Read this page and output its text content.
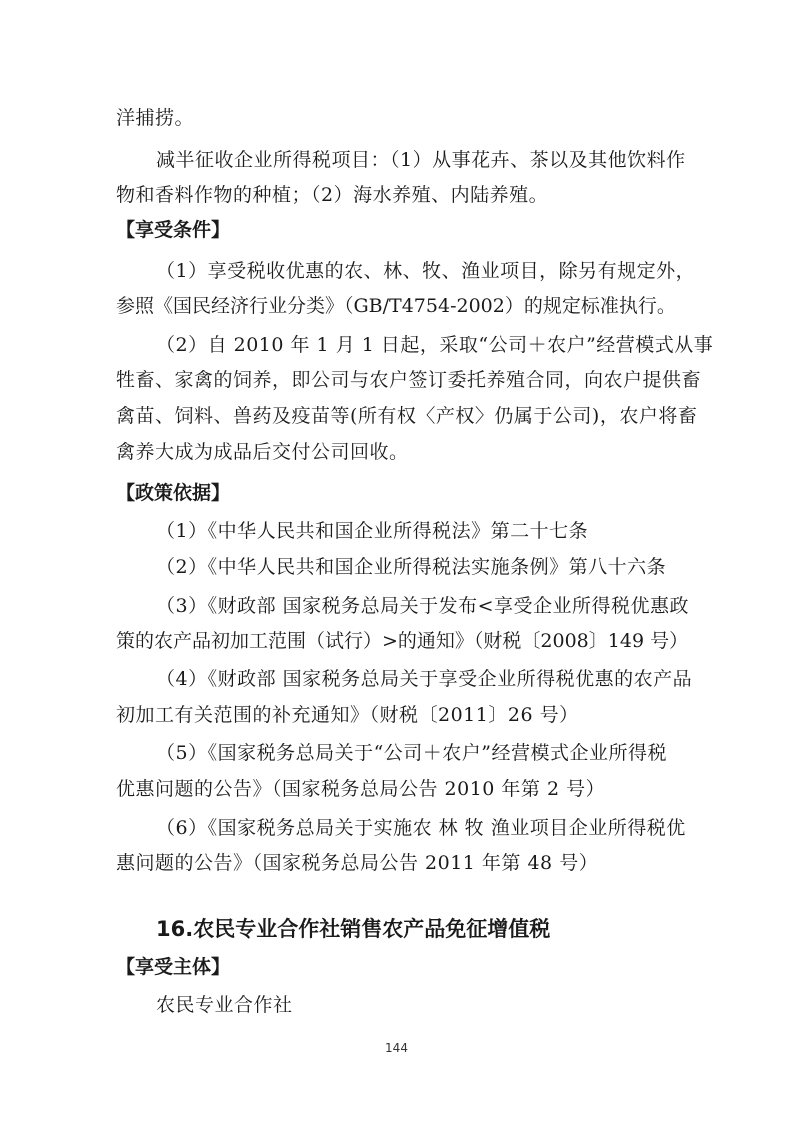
洋捕捞。
减半征收企业所得税项目：（1）从事花卉、茶以及其他饮料作
物和香料作物的种植；（2）海水养殖、内陆养殖。
【享受条件】
（1）享受税收优惠的农、林、牧、渔业项目，除另有规定外，
参照《国民经济行业分类》（GB/T4754-2002）的规定标准执行。
（2）自 2010 年 1 月 1 日起，采取“公司＋农户”经营模式从事
牲畜、家禽的饲养，即公司与农户签订委托养殖合同，向农户提供畜
禽苗、饲料、兽药及疫苗等(所有权〈产权〉仍属于公司)，农户将畜
禽养大成为成品后交付公司回收。
【政策依据】
（1）《中华人民共和国企业所得税法》第二十七条
（2）《中华人民共和国企业所得税法实施条例》第八十六条
（3）《财政部 国家税务总局关于发布<享受企业所得税优惠政
策的农产品初加工范围（试行）>的通知》（财税〔2008〕149 号）
（4）《财政部 国家税务总局关于享受企业所得税优惠的农产品
初加工有关范围的补充通知》（财税〔2011〕26 号）
（5）《国家税务总局关于“公司＋农户”经营模式企业所得税
优惠问题的公告》（国家税务总局公告 2010 年第 2 号）
（6）《国家税务总局关于实施农 林 牧 渔业项目企业所得税优
惠问题的公告》（国家税务总局公告 2011 年第 48 号）
16.农民专业合作社销售农产品免征增值税
【享受主体】
农民专业合作社
144
